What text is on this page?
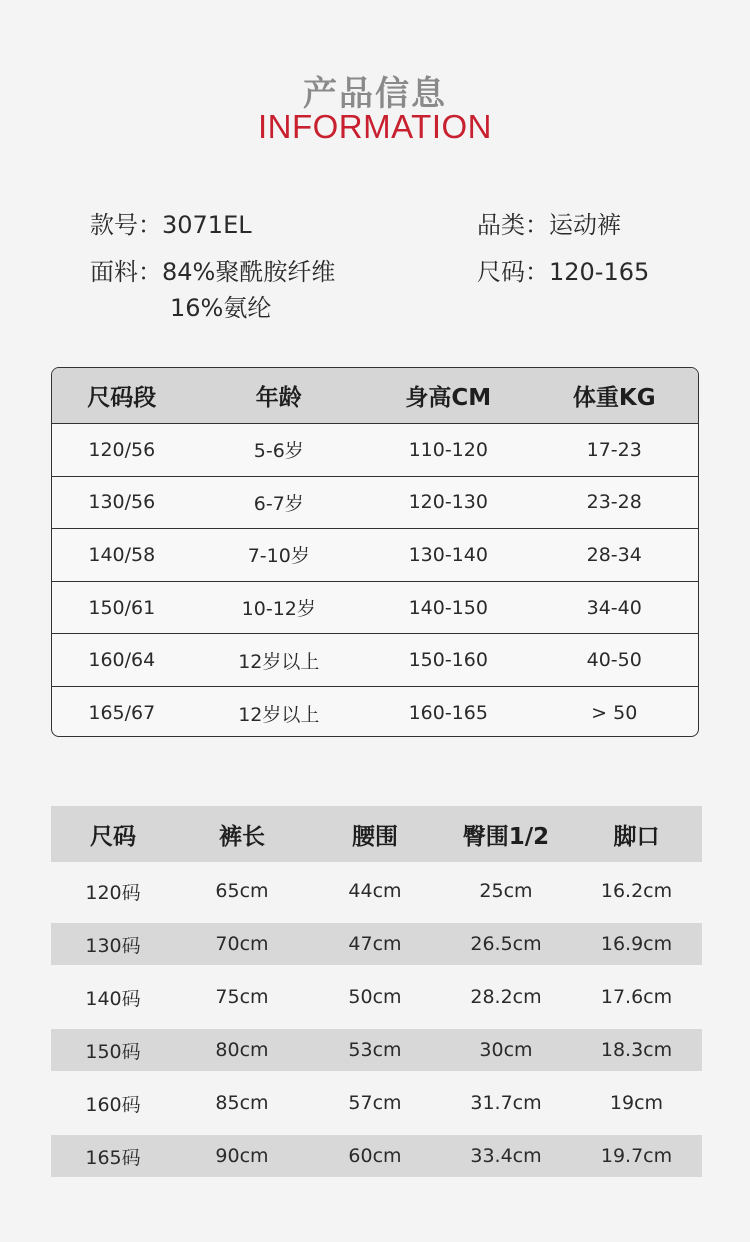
产品信息
INFORMATION
款号：3071EL	品类：运动裤
面料：84%聚酰胺纤维
16%氨纶
尺码：120-165
尺码段	年龄	身高CM	体重KG
120/56	5-6岁	110-120	17-23
130/56	6-7岁	120-130	23-28
140/58	7-10岁	130-140	28-34
150/61	10-12岁	140-150	34-40
160/64	12岁以上	150-160	40-50
165/67	12岁以上	160-165	> 50
尺码	裤长	腰围	臀围1/2	脚口
120码	65cm	44cm	25cm	16.2cm
130码	70cm	47cm	26.5cm	16.9cm
140码	75cm	50cm	28.2cm	17.6cm
150码	80cm	53cm	30cm	18.3cm
160码	85cm	57cm	31.7cm	19cm
165码	90cm	60cm	33.4cm	19.7cm
